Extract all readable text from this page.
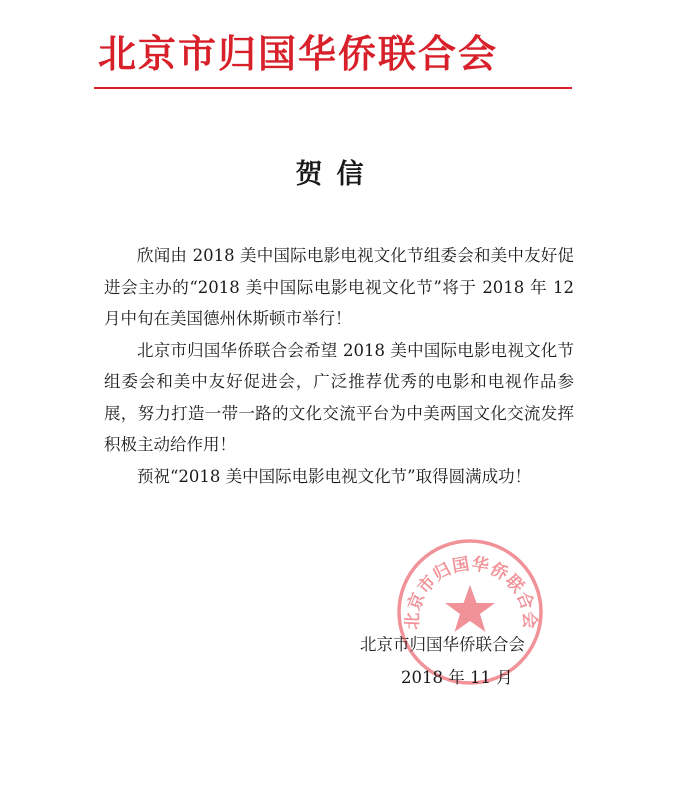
北京市归国华侨联合会
贺信

欣闻由 2018 美中国际电影电视文化节组委会和美中友好促进会主办的“2018 美中国际电影电视文化节”将于 2018 年 12 月中旬在美国德州休斯顿市举行！

北京市归国华侨联合会希望 2018 美中国际电影电视文化节组委会和美中友好促进会，广泛推荐优秀的电影和电视作品参展，努力打造一带一路的文化交流平台为中美两国文化交流发挥积极主动给作用！

预祝“2018 美中国际电影电视文化节”取得圆满成功！

北京市归国华侨联合会
北京市归国华侨联合会
2018 年 11 月
